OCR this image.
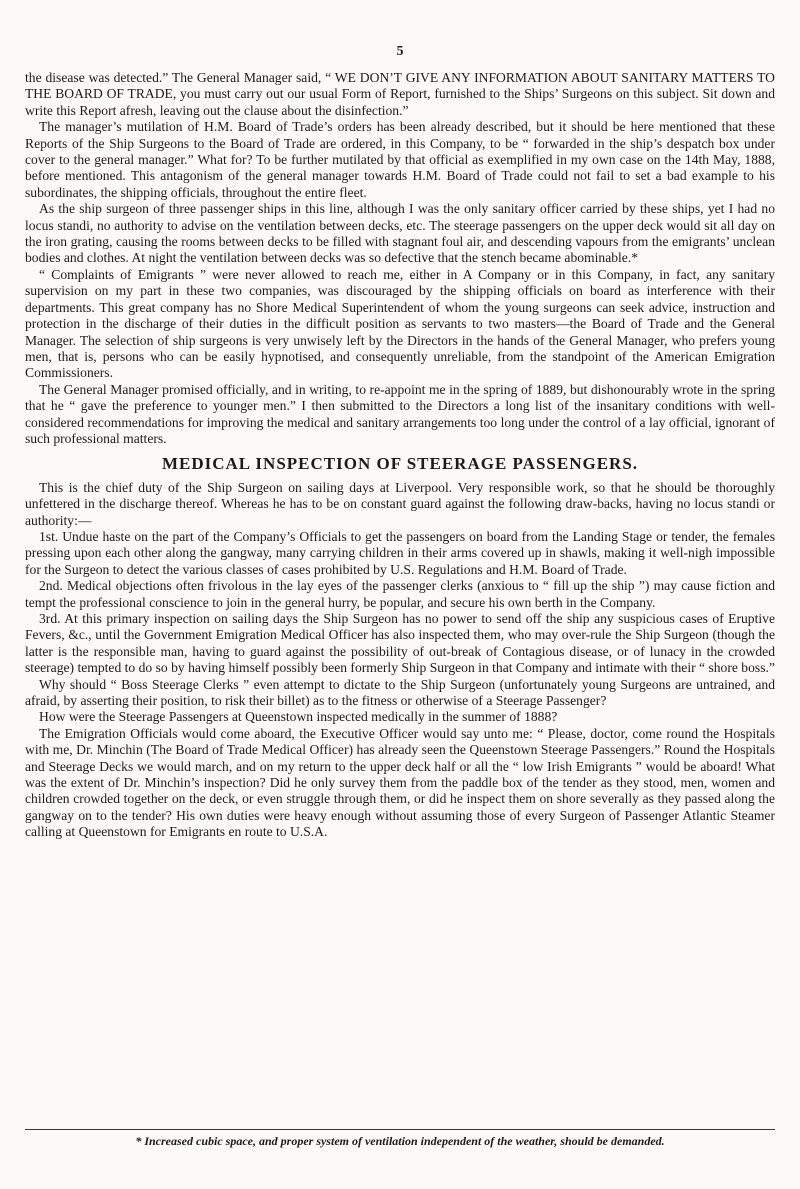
5

the disease was detected.” The General Manager said, “ WE DON’T GIVE ANY INFORMATION ABOUT SANITARY MATTERS TO THE BOARD OF TRADE, you must carry out our usual Form of Report, furnished to the Ships’ Surgeons on this subject. Sit down and write this Report afresh, leaving out the clause about the disinfection.”

The manager’s mutilation of H.M. Board of Trade’s orders has been already described, but it should be here mentioned that these Reports of the Ship Surgeons to the Board of Trade are ordered, in this Company, to be “ forwarded in the ship’s despatch box under cover to the general manager.” What for? To be further mutilated by that official as exemplified in my own case on the 14th May, 1888, before mentioned. This antagonism of the general manager towards H.M. Board of Trade could not fail to set a bad example to his subordinates, the shipping officials, throughout the entire fleet.

As the ship surgeon of three passenger ships in this line, although I was the only sanitary officer carried by these ships, yet I had no locus standi, no authority to advise on the ventilation between decks, etc. The steerage passengers on the upper deck would sit all day on the iron grating, causing the rooms between decks to be filled with stagnant foul air, and descending vapours from the emigrants’ unclean bodies and clothes. At night the ventilation between decks was so defective that the stench became abominable.*

“ Complaints of Emigrants ” were never allowed to reach me, either in A Company or in this Company, in fact, any sanitary supervision on my part in these two companies, was discouraged by the shipping officials on board as interference with their departments. This great company has no Shore Medical Superintendent of whom the young surgeons can seek advice, instruction and protection in the discharge of their duties in the difficult position as servants to two masters—the Board of Trade and the General Manager. The selection of ship surgeons is very unwisely left by the Directors in the hands of the General Manager, who prefers young men, that is, persons who can be easily hypnotised, and consequently unreliable, from the standpoint of the American Emigration Commissioners.

The General Manager promised officially, and in writing, to re-appoint me in the spring of 1889, but dishonourably wrote in the spring that he “ gave the preference to younger men.” I then submitted to the Directors a long list of the insanitary conditions with well-considered recommendations for improving the medical and sanitary arrangements too long under the control of a lay official, ignorant of such professional matters.

MEDICAL INSPECTION OF STEERAGE PASSENGERS.

This is the chief duty of the Ship Surgeon on sailing days at Liverpool. Very responsible work, so that he should be thoroughly unfettered in the discharge thereof. Whereas he has to be on constant guard against the following draw-backs, having no locus standi or authority:—

1st. Undue haste on the part of the Company’s Officials to get the passengers on board from the Landing Stage or tender, the females pressing upon each other along the gangway, many carrying children in their arms covered up in shawls, making it well-nigh impossible for the Surgeon to detect the various classes of cases prohibited by U.S. Regulations and H.M. Board of Trade.

2nd. Medical objections often frivolous in the lay eyes of the passenger clerks (anxious to “ fill up the ship ”) may cause fiction and tempt the professional conscience to join in the general hurry, be popular, and secure his own berth in the Company.

3rd. At this primary inspection on sailing days the Ship Surgeon has no power to send off the ship any suspicious cases of Eruptive Fevers, &c., until the Government Emigration Medical Officer has also inspected them, who may over-rule the Ship Surgeon (though the latter is the responsible man, having to guard against the possibility of out-break of Contagious disease, or of lunacy in the crowded steerage) tempted to do so by having himself possibly been formerly Ship Surgeon in that Company and intimate with their “ shore boss.”

Why should “ Boss Steerage Clerks ” even attempt to dictate to the Ship Surgeon (unfortunately young Surgeons are untrained, and afraid, by asserting their position, to risk their billet) as to the fitness or otherwise of a Steerage Passenger?

How were the Steerage Passengers at Queenstown inspected medically in the summer of 1888?

The Emigration Officials would come aboard, the Executive Officer would say unto me: “ Please, doctor, come round the Hospitals with me, Dr. Minchin (The Board of Trade Medical Officer) has already seen the Queenstown Steerage Passengers.” Round the Hospitals and Steerage Decks we would march, and on my return to the upper deck half or all the “ low Irish Emigrants ” would be aboard! What was the extent of Dr. Minchin’s inspection? Did he only survey them from the paddle box of the tender as they stood, men, women and children crowded together on the deck, or even struggle through them, or did he inspect them on shore severally as they passed along the gangway on to the tender? His own duties were heavy enough without assuming those of every Surgeon of Passenger Atlantic Steamer calling at Queenstown for Emigrants en route to U.S.A.

* Increased cubic space, and proper system of ventilation independent of the weather, should be demanded.
